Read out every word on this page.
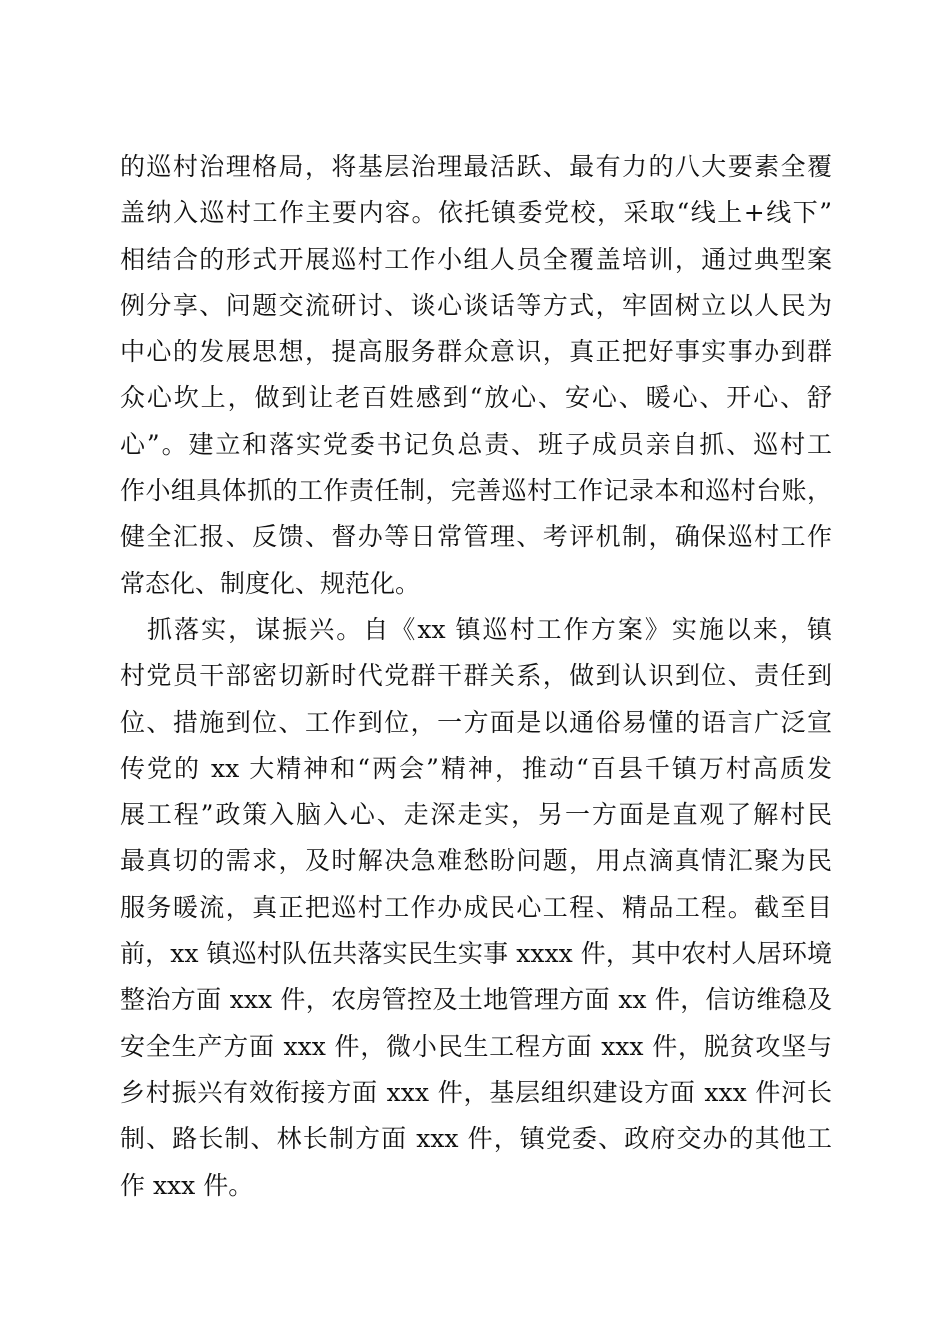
的巡村治理格局，将基层治理最活跃、最有力的八大要素全覆
盖纳入巡村工作主要内容。依托镇委党校，采取“线上+线下”
相结合的形式开展巡村工作小组人员全覆盖培训，通过典型案
例分享、问题交流研讨、谈心谈话等方式，牢固树立以人民为
中心的发展思想，提高服务群众意识，真正把好事实事办到群
众心坎上，做到让老百姓感到“放心、安心、暖心、开心、舒
心”。建立和落实党委书记负总责、班子成员亲自抓、巡村工
作小组具体抓的工作责任制，完善巡村工作记录本和巡村台账，
健全汇报、反馈、督办等日常管理、考评机制，确保巡村工作
常态化、制度化、规范化。
　抓落实，谋振兴。自《xx 镇巡村工作方案》实施以来，镇
村党员干部密切新时代党群干群关系，做到认识到位、责任到
位、措施到位、工作到位，一方面是以通俗易懂的语言广泛宣
传党的 xx 大精神和“两会”精神，推动“百县千镇万村高质发
展工程”政策入脑入心、走深走实，另一方面是直观了解村民
最真切的需求，及时解决急难愁盼问题，用点滴真情汇聚为民
服务暖流，真正把巡村工作办成民心工程、精品工程。截至目
前，xx 镇巡村队伍共落实民生实事 xxxx 件，其中农村人居环境
整治方面 xxx 件，农房管控及土地管理方面 xx 件，信访维稳及
安全生产方面 xxx 件，微小民生工程方面 xxx 件，脱贫攻坚与
乡村振兴有效衔接方面 xxx 件，基层组织建设方面 xxx 件河长
制、路长制、林长制方面 xxx 件，镇党委、政府交办的其他工
作 xxx 件。
